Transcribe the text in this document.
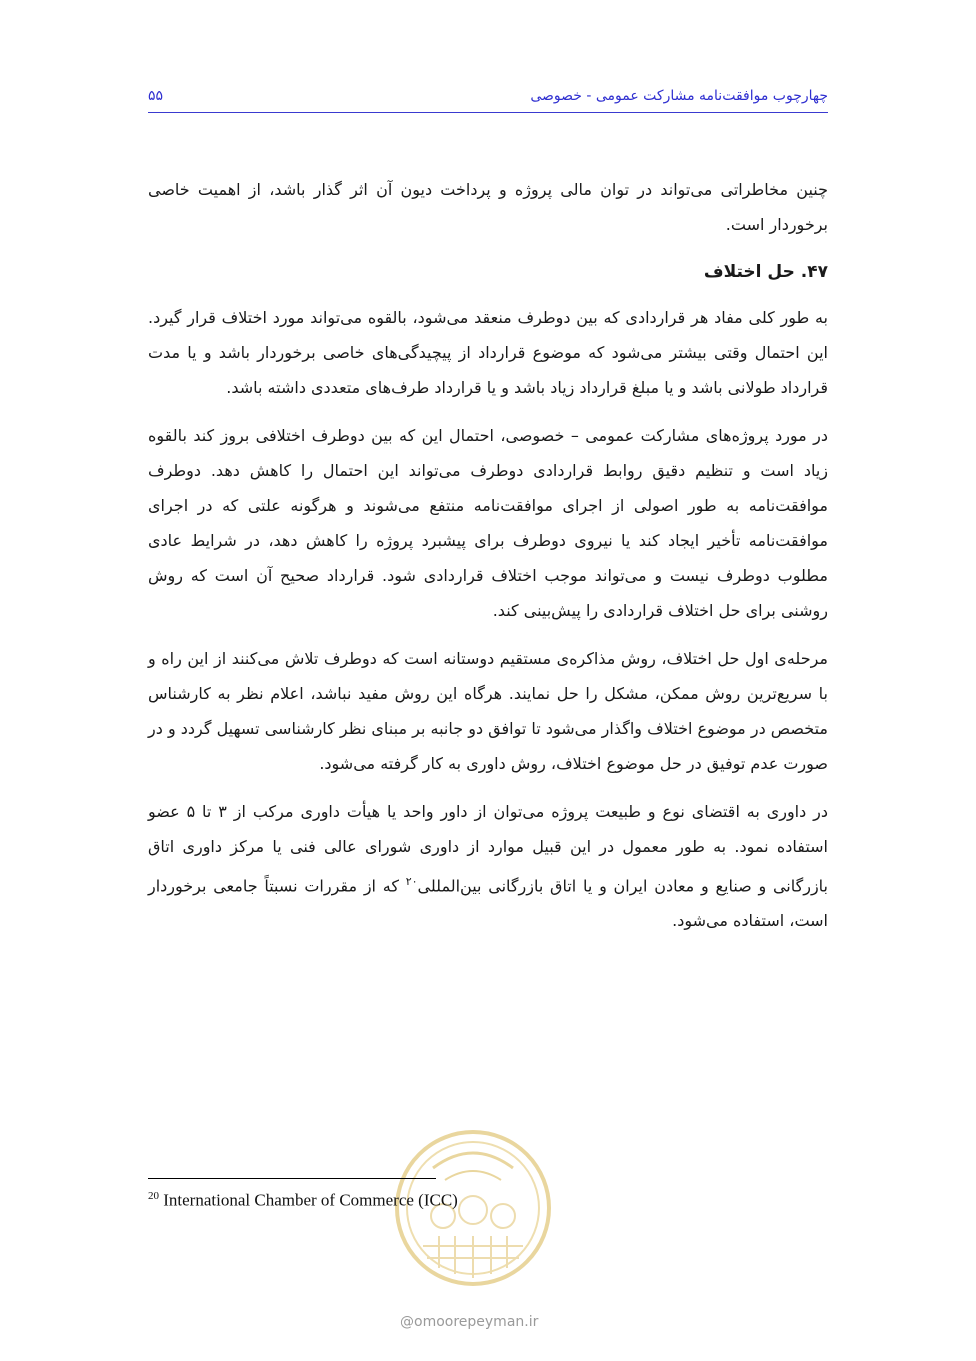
چهارچوب موافقت‌نامه مشارکت عمومی - خصوصی
۵۵

چنین مخاطراتی می‌تواند در توان مالی پروژه و پرداخت دیون آن اثر گذار باشد، از اهمیت خاصی برخوردار است.

۴۷. حل اختلاف

به طور کلی مفاد هر قراردادی که بین دوطرف منعقد می‌شود، بالقوه می‌تواند مورد اختلاف قرار گیرد. این احتمال وقتی بیشتر می‌شود که موضوع قرارداد از پیچیدگی‌های خاصی برخوردار باشد و یا مدت قرارداد طولانی باشد و یا مبلغ قرارداد زیاد باشد و یا قرارداد طرف‌های متعددی داشته باشد.

در مورد پروژه‌های مشارکت عمومی – خصوصی، احتمال این که بین دوطرف اختلافی بروز کند بالقوه زیاد است و تنظیم دقیق روابط قراردادی دوطرف می‌تواند این احتمال را کاهش دهد. دوطرف موافقت‌نامه به طور اصولی از اجرای موافقت‌نامه منتفع می‌شوند و هرگونه علتی که در اجرای موافقت‌نامه تأخیر ایجاد کند یا نیروی دوطرف برای پیشبرد پروژه را کاهش دهد، در شرایط عادی مطلوب دوطرف نیست و می‌تواند موجب اختلاف قراردادی شود. قرارداد صحیح آن است که روش روشنی برای حل اختلاف قراردادی را پیش‌بینی کند.

مرحله‌ی اول حل اختلاف، روش مذاکره‌ی مستقیم دوستانه است که دوطرف تلاش می‌کنند از این راه و با سریع‌ترین روش ممکن، مشکل را حل نمایند. هرگاه این روش مفید نباشد، اعلام نظر به کارشناس متخصص در موضوع اختلاف واگذار می‌شود تا توافق دو جانبه بر مبنای نظر کارشناسی تسهیل گردد و در صورت عدم توفیق در حل موضوع اختلاف، روش داوری به کار گرفته می‌شود.

در داوری به اقتضای نوع و طبیعت پروژه می‌توان از داور واحد یا هیأت داوری مرکب از ۳ تا ۵ عضو استفاده نمود. به طور معمول در این قبیل موارد از داوری شورای عالی فنی یا مرکز داوری اتاق بازرگانی و صنایع و معادن ایران و یا اتاق بازرگانی بین‌المللی$^{۲۰}$ که از مقررات نسبتاً جامعی برخوردار است، استفاده می‌شود.

$^{20}$ International Chamber of Commerce (ICC)
@omoorepeyman.ir
